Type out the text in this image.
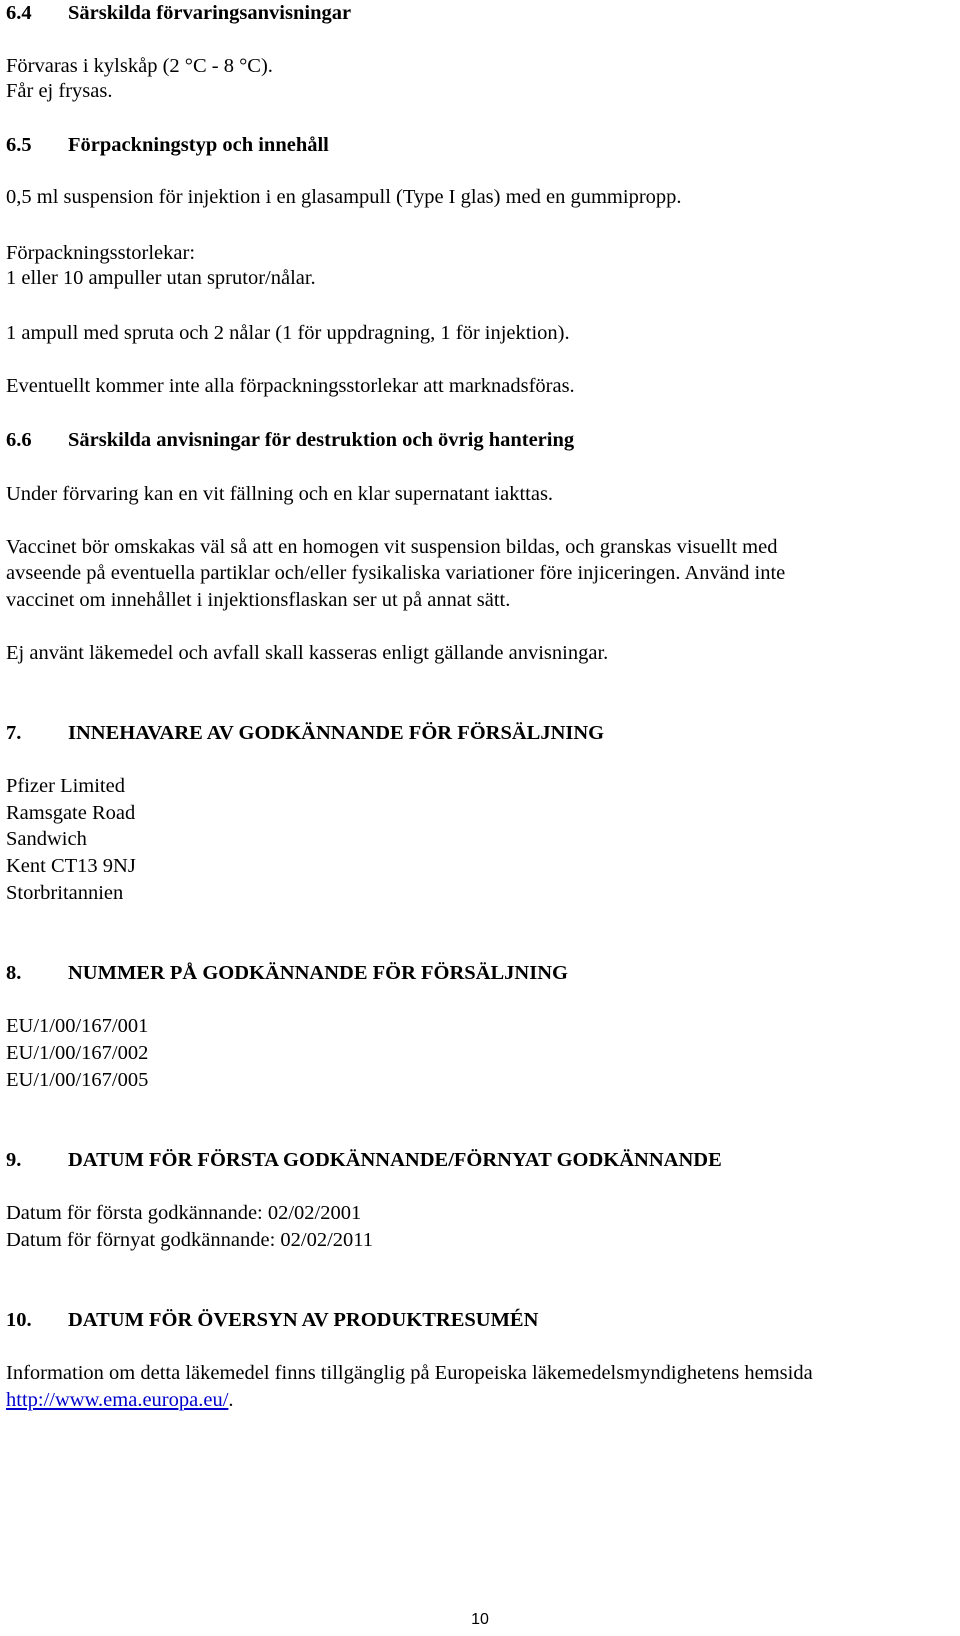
6.4 Särskilda förvaringsanvisningar

Förvaras i kylskåp (2 °C - 8 °C).

Får ej frysas.

6.5 Förpackningstyp och innehåll

0,5 ml suspension för injektion i en glasampull (Type I glas) med en gummipropp.

Förpackningsstorlekar:

1 eller 10 ampuller utan sprutor/nålar.

1 ampull med spruta och 2 nålar (1 för uppdragning, 1 för injektion).

Eventuellt kommer inte alla förpackningsstorlekar att marknadsföras.

6.6 Särskilda anvisningar för destruktion och övrig hantering

Under förvaring kan en vit fällning och en klar supernatant iakttas.

Vaccinet bör omskakas väl så att en homogen vit suspension bildas, och granskas visuellt med

avseende på eventuella partiklar och/eller fysikaliska variationer före injiceringen. Använd inte

vaccinet om innehållet i injektionsflaskan ser ut på annat sätt.

Ej använt läkemedel och avfall skall kasseras enligt gällande anvisningar.

7. INNEHAVARE AV GODKÄNNANDE FÖR FÖRSÄLJNING

Pfizer Limited

Ramsgate Road

Sandwich

Kent CT13 9NJ

Storbritannien

8. NUMMER PÅ GODKÄNNANDE FÖR FÖRSÄLJNING

EU/1/00/167/001

EU/1/00/167/002

EU/1/00/167/005

9. DATUM FÖR FÖRSTA GODKÄNNANDE/FÖRNYAT GODKÄNNANDE

Datum för första godkännande: 02/02/2001

Datum för förnyat godkännande: 02/02/2011

10. DATUM FÖR ÖVERSYN AV PRODUKTRESUMÉN

Information om detta läkemedel finns tillgänglig på Europeiska läkemedelsmyndighetens hemsida

http://www.ema.europa.eu/.

10
